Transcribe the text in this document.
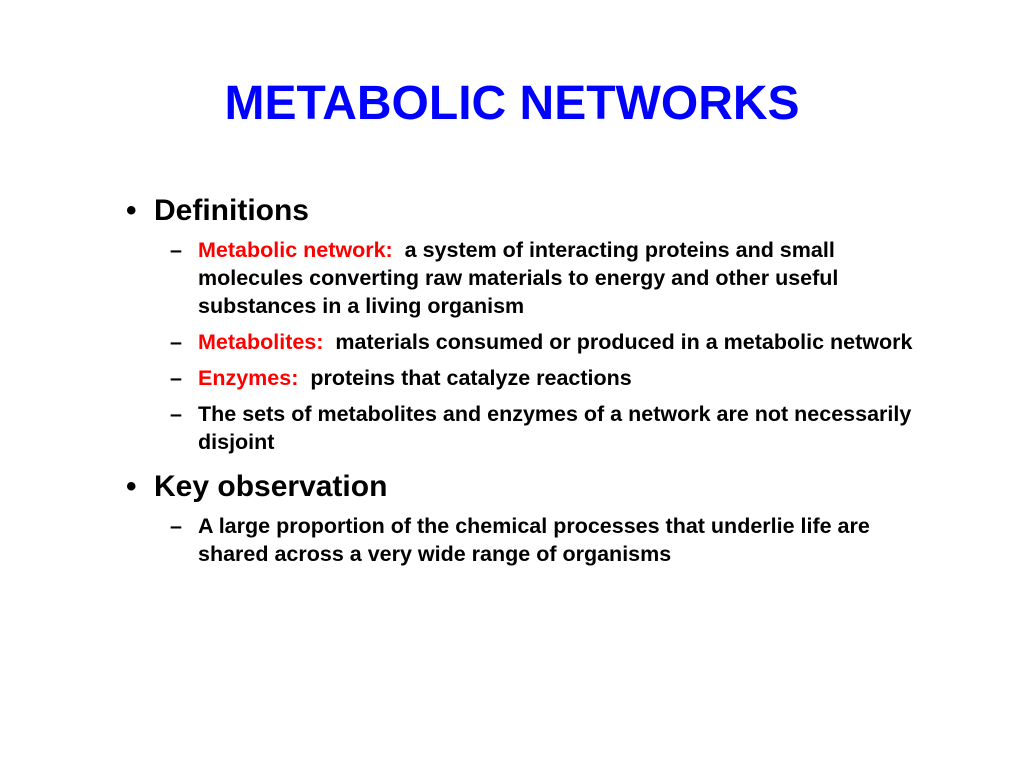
METABOLIC NETWORKS
• Definitions
– Metabolic network:  a system of interacting proteins and small molecules converting raw materials to energy and other useful substances in a living organism
– Metabolites:  materials consumed or produced in a metabolic network
– Enzymes:  proteins that catalyze reactions
– The sets of metabolites and enzymes of a network are not necessarily disjoint
• Key observation
– A large proportion of the chemical processes that underlie life are shared across a very wide range of organisms
